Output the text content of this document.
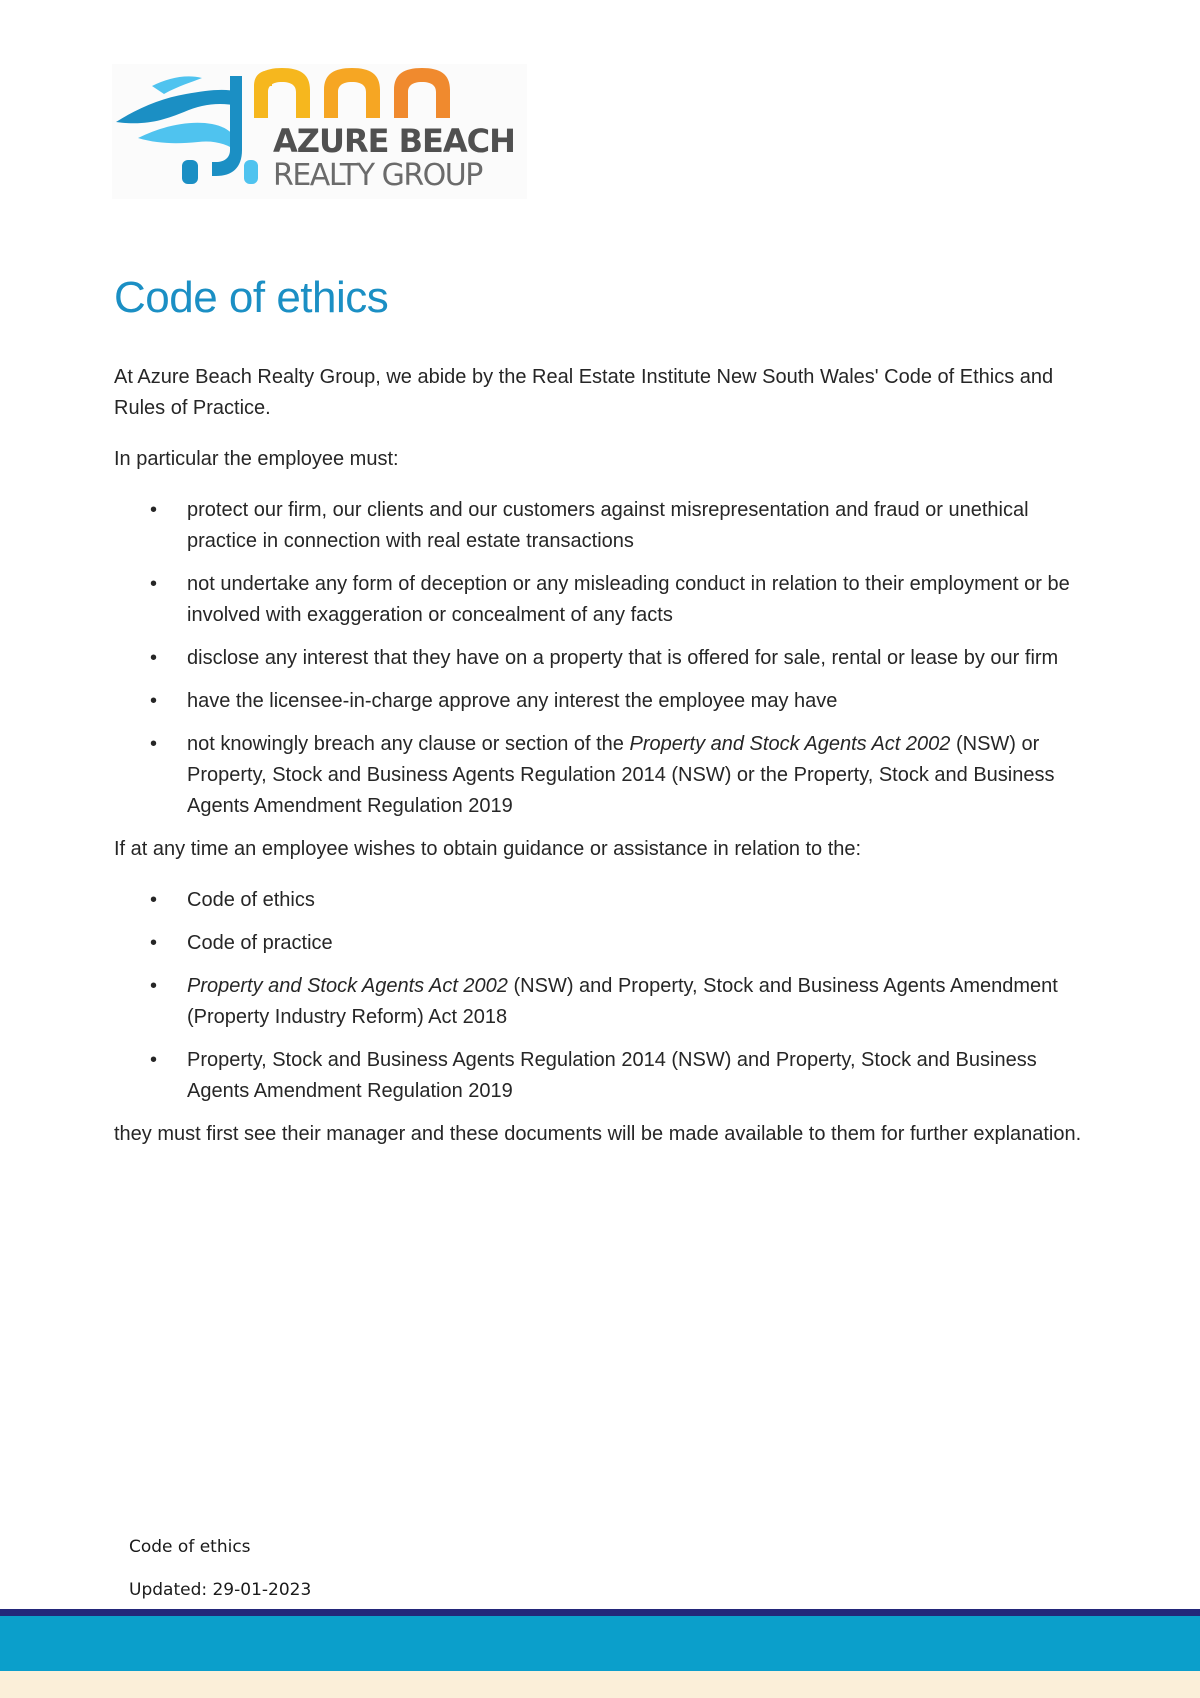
AZURE BEACH
REALTY GROUP
Code of ethics

At Azure Beach Realty Group, we abide by the Real Estate Institute New South Wales' Code of Ethics and Rules of Practice.

In particular the employee must:

• protect our firm, our clients and our customers against misrepresentation and fraud or unethical practice in connection with real estate transactions
• not undertake any form of deception or any misleading conduct in relation to their employment or be involved with exaggeration or concealment of any facts
• disclose any interest that they have on a property that is offered for sale, rental or lease by our firm
• have the licensee-in-charge approve any interest the employee may have
• not knowingly breach any clause or section of the Property and Stock Agents Act 2002 (NSW) or Property, Stock and Business Agents Regulation 2014 (NSW) or the Property, Stock and Business Agents Amendment Regulation 2019

If at any time an employee wishes to obtain guidance or assistance in relation to the:

• Code of ethics
• Code of practice
• Property and Stock Agents Act 2002 (NSW) and Property, Stock and Business Agents Amendment (Property Industry Reform) Act 2018
• Property, Stock and Business Agents Regulation 2014 (NSW) and Property, Stock and Business Agents Amendment Regulation 2019

they must first see their manager and these documents will be made available to them for further explanation.

Code of ethics
Updated: 29-01-2023
